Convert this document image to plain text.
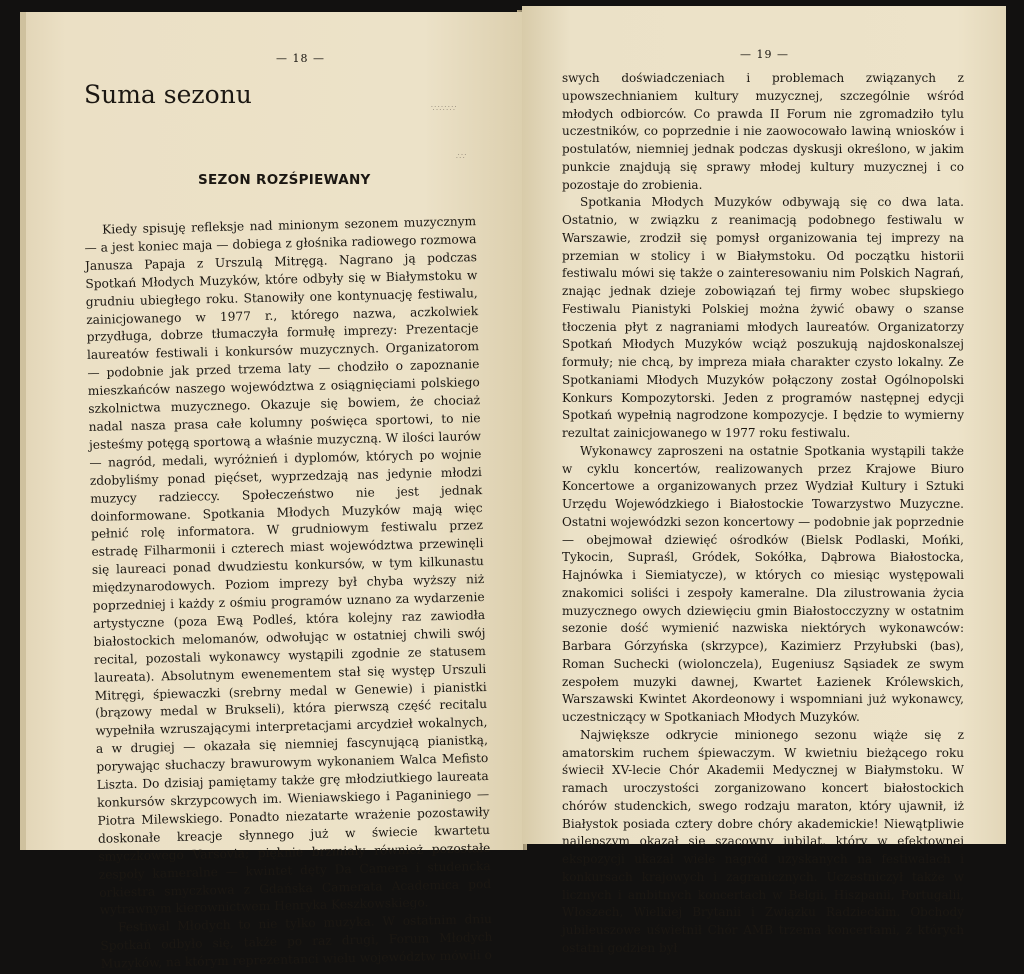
— 18 —
Suma sezonu	∵∴∵∴∵
∴∵
SEZON ROZŚPIEWANY

Kiedy spisuję refleksje nad minionym sezonem muzycznym — a jest koniec maja — dobiega z głośnika radiowego rozmowa Janusza Papaja z Urszulą Mitręgą. Nagrano ją podczas Spotkań Młodych Muzyków, które odbyły się w Białymstoku w grudniu ubiegłego roku. Stanowiły one kontynuację festiwalu, zainicjowanego w 1977 r., którego nazwa, aczkolwiek przydługa, dobrze tłumaczyła formułę imprezy: Prezentacje laureatów festiwali i konkursów muzycznych. Organizatorom — podobnie jak przed trzema laty — chodziło o zapoznanie mieszkańców naszego województwa z osiągnięciami polskiego szkolnictwa muzycznego. Okazuje się bowiem, że chociaż nadal nasza prasa całe kolumny poświęca sportowi, to nie jesteśmy potęgą sportową a właśnie muzyczną. W ilości laurów — nagród, medali, wyróżnień i dyplomów, których po wojnie zdobyliśmy ponad pięćset, wyprzedzają nas jedynie młodzi muzycy radzieccy. Społeczeństwo nie jest jednak doinformowane. Spotkania Młodych Muzyków mają więc pełnić rolę informatora. W grudniowym festiwalu przez estradę Filharmonii i czterech miast województwa przewinęli się laureaci ponad dwudziestu konkursów, w tym kilkunastu międzynarodowych. Poziom imprezy był chyba wyższy niż poprzedniej i każdy z ośmiu programów uznano za wydarzenie artystyczne (poza Ewą Podleś, która kolejny raz zawiodła białostockich melomanów, odwołując w ostatniej chwili swój recital, pozostali wykonawcy wystąpili zgodnie ze statusem laureata). Absolutnym ewenementem stał się występ Urszuli Mitręgi, śpiewaczki (srebrny medal w Genewie) i pianistki (brązowy medal w Brukseli), która pierwszą część recitalu wypełniła wzruszającymi interpretacjami arcydzieł wokalnych, a w drugiej — okazała się niemniej fascynującą pianistką, porywając słuchaczy brawurowym wykonaniem Walca Mefisto Liszta. Do dzisiaj pamiętamy także grę młodziutkiego laureata konkursów skrzypcowych im. Wieniawskiego i Paganiniego — Piotra Milewskiego. Ponadto niezatarte wrażenie pozostawiły doskonałe kreacje słynnego już w świecie kwartetu smyczkowego Varsovia; pięknie brzmiały również pozostałe zespoły kameralne — kwintet dęty Da Camera i studencka orkiestra smyczkowa z Gdańska Camerata Academica pod wytrawnym kierownictwem Henryka Keszkowskiego.

Festiwal Młodych to nie tylko muzyka. W ostatnim dniu Spotkań odbyło się, także po raz drugi, Forum Młodych Muzyków, na którym reprezentanci wielu województw mówili o

— 19 —

swych doświadczeniach i problemach związanych z upowszechnianiem kultury muzycznej, szczególnie wśród młodych odbiorców. Co prawda II Forum nie zgromadziło tylu uczestników, co poprzednie i nie zaowocowało lawiną wniosków i postulatów, niemniej jednak podczas dyskusji określono, w jakim punkcie znajdują się sprawy młodej kultury muzycznej i co pozostaje do zrobienia.

Spotkania Młodych Muzyków odbywają się co dwa lata. Ostatnio, w związku z reanimacją podobnego festiwalu w Warszawie, zrodził się pomysł organizowania tej imprezy na przemian w stolicy i w Białymstoku. Od początku historii festiwalu mówi się także o zainteresowaniu nim Polskich Nagrań, znając jednak dzieje zobowiązań tej firmy wobec słupskiego Festiwalu Pianistyki Polskiej można żywić obawy o szanse tłoczenia płyt z nagraniami młodych laureatów. Organizatorzy Spotkań Młodych Muzyków wciąż poszukują najdoskonalszej formuły; nie chcą, by impreza miała charakter czysto lokalny. Ze Spotkaniami Młodych Muzyków połączony został Ogólnopolski Konkurs Kompozytorski. Jeden z programów następnej edycji Spotkań wypełnią nagrodzone kompozycje. I będzie to wymierny rezultat zainicjowanego w 1977 roku festiwalu.

Wykonawcy zaproszeni na ostatnie Spotkania wystąpili także w cyklu koncertów, realizowanych przez Krajowe Biuro Koncertowe a organizowanych przez Wydział Kultury i Sztuki Urzędu Wojewódzkiego i Białostockie Towarzystwo Muzyczne. Ostatni wojewódzki sezon koncertowy — podobnie jak poprzednie — obejmował dziewięć ośrodków (Bielsk Podlaski, Mońki, Tykocin, Supraśl, Gródek, Sokółka, Dąbrowa Białostocka, Hajnówka i Siemiatycze), w których co miesiąc występowali znakomici soliści i zespoły kameralne. Dla zilustrowania życia muzycznego owych dziewięciu gmin Białostocczyzny w ostatnim sezonie dość wymienić nazwiska niektórych wykonawców: Barbara Górzyńska (skrzypce), Kazimierz Przyłubski (bas), Roman Suchecki (wiolonczela), Eugeniusz Sąsiadek ze swym zespołem muzyki dawnej, Kwartet Łazienek Królewskich, Warszawski Kwintet Akordeonowy i wspomniani już wykonawcy, uczestniczący w Spotkaniach Młodych Muzyków.

Największe odkrycie minionego sezonu wiąże się z amatorskim ruchem śpiewaczym. W kwietniu bieżącego roku świecił XV-lecie Chór Akademii Medycznej w Białymstoku. W ramach uroczystości zorganizowano koncert białostockich chórów studenckich, swego rodzaju maraton, który ujawnił, iż Białystok posiada cztery dobre chóry akademickie! Niewątpliwie najlepszym okazał się szacowny jubilat, który w efektownej ekspozycji ukazał wiele nagród uzyskanych na festiwalach i konkursach krajowych i zagranicznych. Uczestniczył także w licznych i ambitnych koncertach w Belgii, Hiszpanii, Portugalii, Włoszech, Wielkiej Brytanii i Związku Radzieckim. Obchody jubileuszowe uświetnił Chór AMB trzema koncertami, z których ostatni godzien był
